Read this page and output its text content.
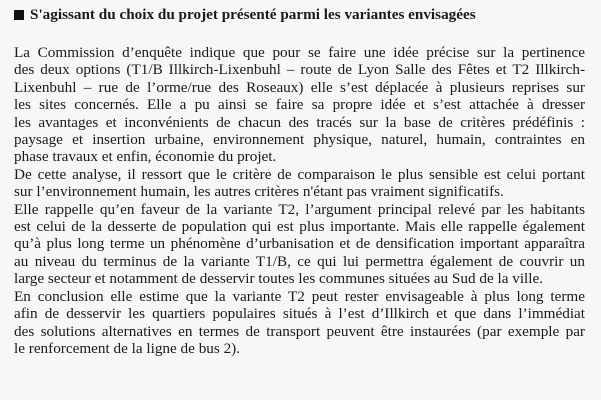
S'agissant du choix du projet présenté parmi les variantes envisagées

La Commission d’enquête indique que pour se faire une idée précise sur la pertinence
des deux options (T1/B Illkirch-Lixenbuhl – route de Lyon Salle des Fêtes et T2 Illkirch-
Lixenbuhl – rue de l’orme/rue des Roseaux) elle s’est déplacée à plusieurs reprises sur
les sites concernés. Elle a pu ainsi se faire sa propre idée et s’est attachée à dresser
les avantages et inconvénients de chacun des tracés sur la base de critères prédéfinis :
paysage et insertion urbaine, environnement physique, naturel, humain, contraintes en
phase travaux et enfin, économie du projet.

De cette analyse, il ressort que le critère de comparaison le plus sensible est celui portant
sur l’environnement humain, les autres critères n'étant pas vraiment significatifs.

Elle rappelle qu’en faveur de la variante T2, l’argument principal relevé par les habitants
est celui de la desserte de population qui est plus importante. Mais elle rappelle également
qu’à plus long terme un phénomène d’urbanisation et de densification important apparaîtra
au niveau du terminus de la variante T1/B, ce qui lui permettra également de couvrir un
large secteur et notamment de desservir toutes les communes situées au Sud de la ville.

En conclusion elle estime que la variante T2 peut rester envisageable à plus long terme
afin de desservir les quartiers populaires situés à l’est d’Illkirch et que dans l’immédiat
des solutions alternatives en termes de transport peuvent être instaurées (par exemple par
le renforcement de la ligne de bus 2).
